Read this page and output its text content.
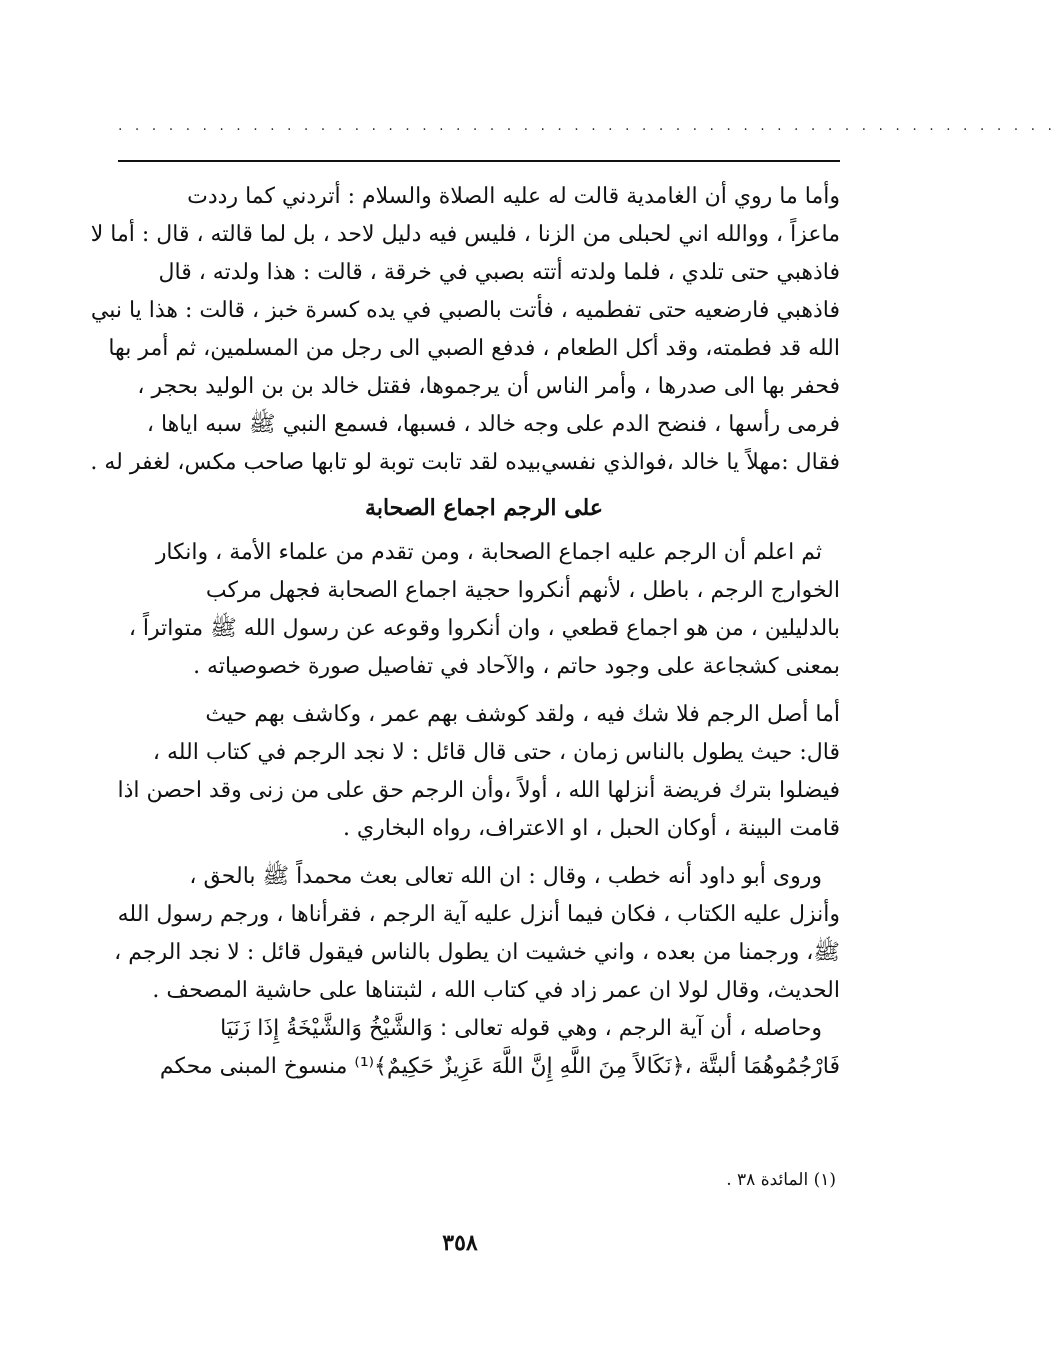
. . . . . . . . . . . . . . . . . . . . . . . . . . . . . . . . . . . . . . . . . . . . . . . . . . . . . . . .
وأما ما روي أن الغامدية قالت له عليه الصلاة والسلام : أتردني كما رددت
ماعزاً ، ووالله اني لحبلى من الزنا ، فليس فيه دليل لاحد ، بل لما قالته ، قال : أما لا
فاذهبي حتى تلدي ، فلما ولدته أتته بصبي في خرقة ، قالت : هذا ولدته ، قال
فاذهبي فارضعيه حتى تفطميه ، فأتت بالصبي في يده كسرة خبز ، قالت : هذا يا نبي
الله قد فطمته، وقد أكل الطعام ، فدفع الصبي الى رجل من المسلمين، ثم أمر بها
فحفر بها الى صدرها ، وأمر الناس أن يرجموها، فقتل خالد بن بن الوليد بحجر ،
فرمى رأسها ، فنضح الدم على وجه خالد ، فسبها، فسمع النبي ﷺ سبه اياها ،
فقال :مهلاً يا خالد ،فوالذي نفسي‌بيده لقد تابت توبة لو تابها صاحب مكس، لغفر له .
على الرجم اجماع الصحابة
ثم اعلم أن الرجم عليه اجماع الصحابة ، ومن تقدم من علماء الأمة ، وانكار
الخوارج الرجم ، باطل ، لأنهم أنكروا حجية اجماع الصحابة فجهل مركب
بالدليلين ، من هو اجماع قطعي ، وان أنكروا وقوعه عن رسول الله ﷺ متواتراً ،
بمعنى كشجاعة على وجود حاتم ، والآحاد في تفاصيل صورة خصوصياته .
أما أصل الرجم فلا شك فيه ، ولقد كوشف بهم عمر ، وكاشف بهم حيث
قال: حيث يطول بالناس زمان ، حتى قال قائل : لا نجد الرجم في كتاب الله ،
فيضلوا بترك فريضة أنزلها الله ، أولاً ،وأن الرجم حق على من زنى وقد احصن اذا
قامت البينة ، أوكان الحبل ، او الاعتراف، رواه البخاري .
وروى أبو داود أنه خطب ، وقال : ان الله تعالى بعث محمداً ﷺ بالحق ،
وأنزل عليه الكتاب ، فكان فيما أنزل عليه آية الرجم ، فقرأناها ، ورجم رسول الله
ﷺ، ورجمنا من بعده ، واني خشيت ان يطول بالناس فيقول قائل : لا نجد الرجم ،
الحديث، وقال لولا ان عمر زاد في كتاب الله ، لثبتناها على حاشية المصحف .
وحاصله ، أن آية الرجم ، وهي قوله تعالى : وَالشَّيْخُ وَالشَّيْخَةُ إِذَا زَنَيَا
فَارْجُمُوهُمَا ألبتَّة ،﴿نَكَالاً مِنَ اللَّهِ إِنَّ اللَّهَ عَزِيزٌ حَكِيمٌ﴾⁽¹⁾ منسوخ المبنى محكم
(١) المائدة ٣٨ .
٣٥٨
